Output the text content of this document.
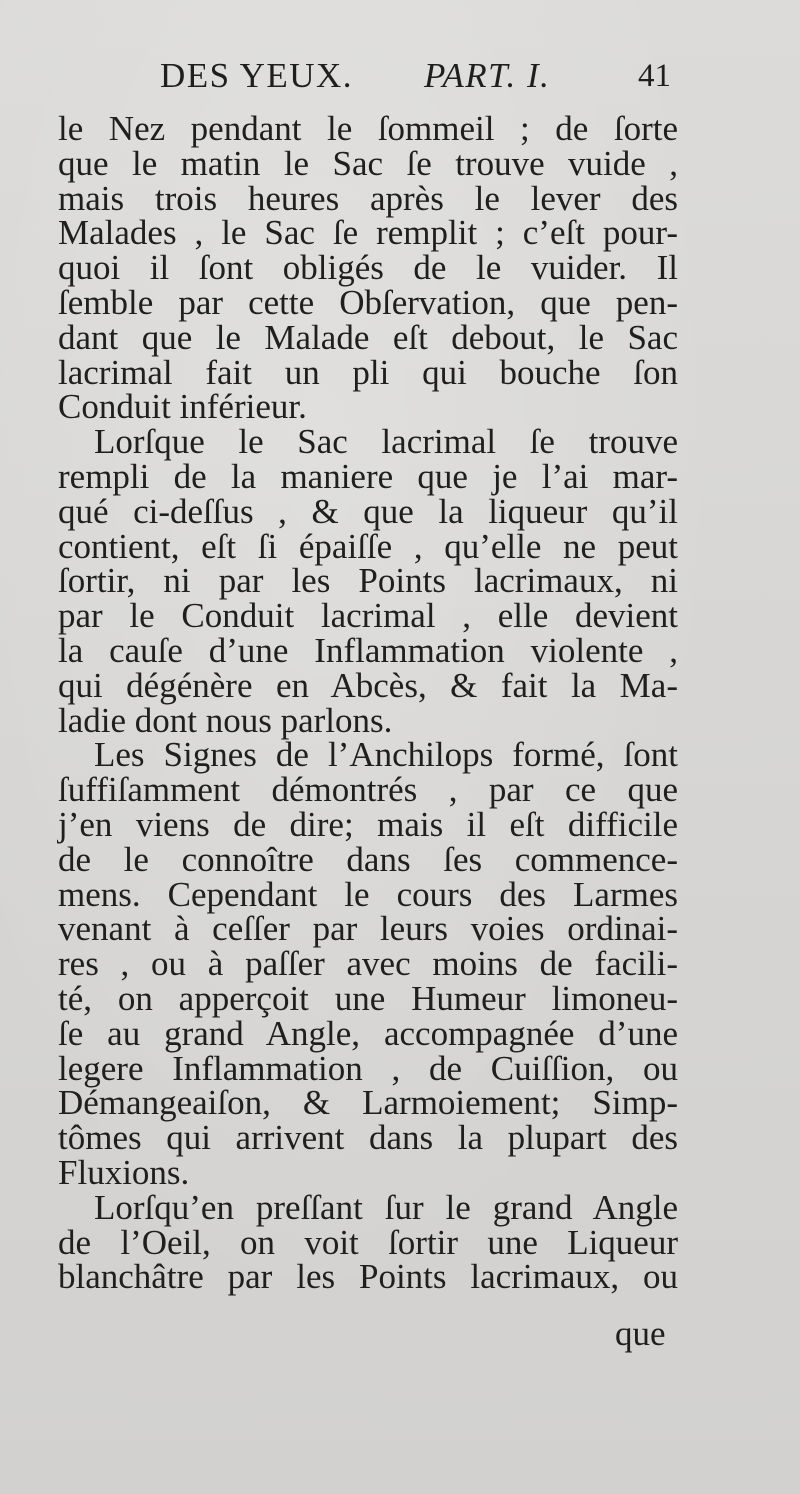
DES YEUX. PART. I.	41
le Nez pendant le ſommeil ; de ſorte
que le matin le Sac ſe trouve vuide ,
mais trois heures après le lever des
Malades , le Sac ſe remplit ; c’eſt pour-
quoi il ſont obligés de le vuider. Il
ſemble par cette Obſervation, que pen-
dant que le Malade eſt debout, le Sac
lacrimal fait un pli qui bouche ſon
Conduit inférieur.
Lorſque le Sac lacrimal ſe trouve
rempli de la maniere que je l’ai mar-
qué ci-deſſus , & que la liqueur qu’il
contient, eſt ſi épaiſſe , qu’elle ne peut
ſortir, ni par les Points lacrimaux, ni
par le Conduit lacrimal , elle devient
la cauſe d’une Inflammation violente ,
qui dégénère en Abcès, & fait la Ma-
ladie dont nous parlons.
Les Signes de l’Anchilops formé, ſont
ſuffiſamment démontrés , par ce que
j’en viens de dire; mais il eſt difficile
de le connoître dans ſes commence-
mens. Cependant le cours des Larmes
venant à ceſſer par leurs voies ordinai-
res , ou à paſſer avec moins de facili-
té, on apperçoit une Humeur limoneu-
ſe au grand Angle, accompagnée d’une
legere Inflammation , de Cuiſſion, ou
Démangeaiſon, & Larmoiement; Simp-
tômes qui arrivent dans la plupart des
Fluxions.
Lorſqu’en preſſant ſur le grand Angle
de l’Oeil, on voit ſortir une Liqueur
blanchâtre par les Points lacrimaux, ou
que
